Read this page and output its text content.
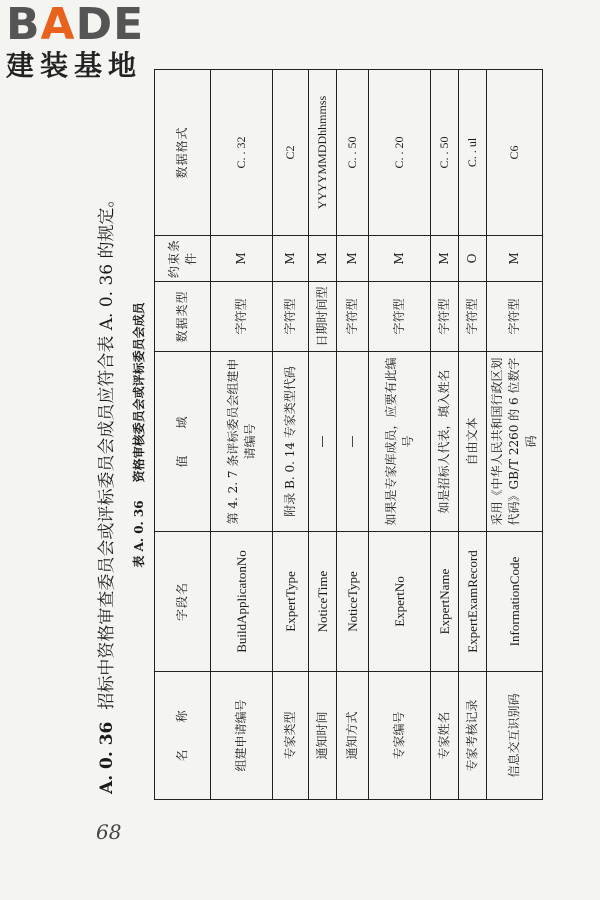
BADE
建装基地
68
A. 0. 36招标中资格审查委员会或评标委员会成员应符合表 A. 0. 36 的规定。 表 A. 0. 36资格审核委员会或评标委员会成员
名　　称	字段名	值　　域	数据类型	约束条件	数据格式
组建申请编号	BuildApplicatonNo	第 4. 2. 7 条评标委员会组建申请编号	字符型	M	C. . 32
专家类型	ExpertType	附录 B. 0. 14 专家类型代码	字符型	M	C2
通知时间	NoticeTime	—	日期时间型	M	YYYYMMDDhhmmss
通知方式	NoticeType	—	字符型	M	C. . 50
专家编号	ExpertNo	如果是专家库成员，应要有此编号	字符型	M	C. . 20
专家姓名	ExpertName	如是招标人代表，填入姓名	字符型	M	C. . 50
专家考核记录	ExpertExamRecord	自由文本	字符型	O	C. . ul
信息交互识别码	InformationCode	采用《中华人民共和国行政区划代码》GB/T 2260 的 6 位数字码	字符型	M	C6
